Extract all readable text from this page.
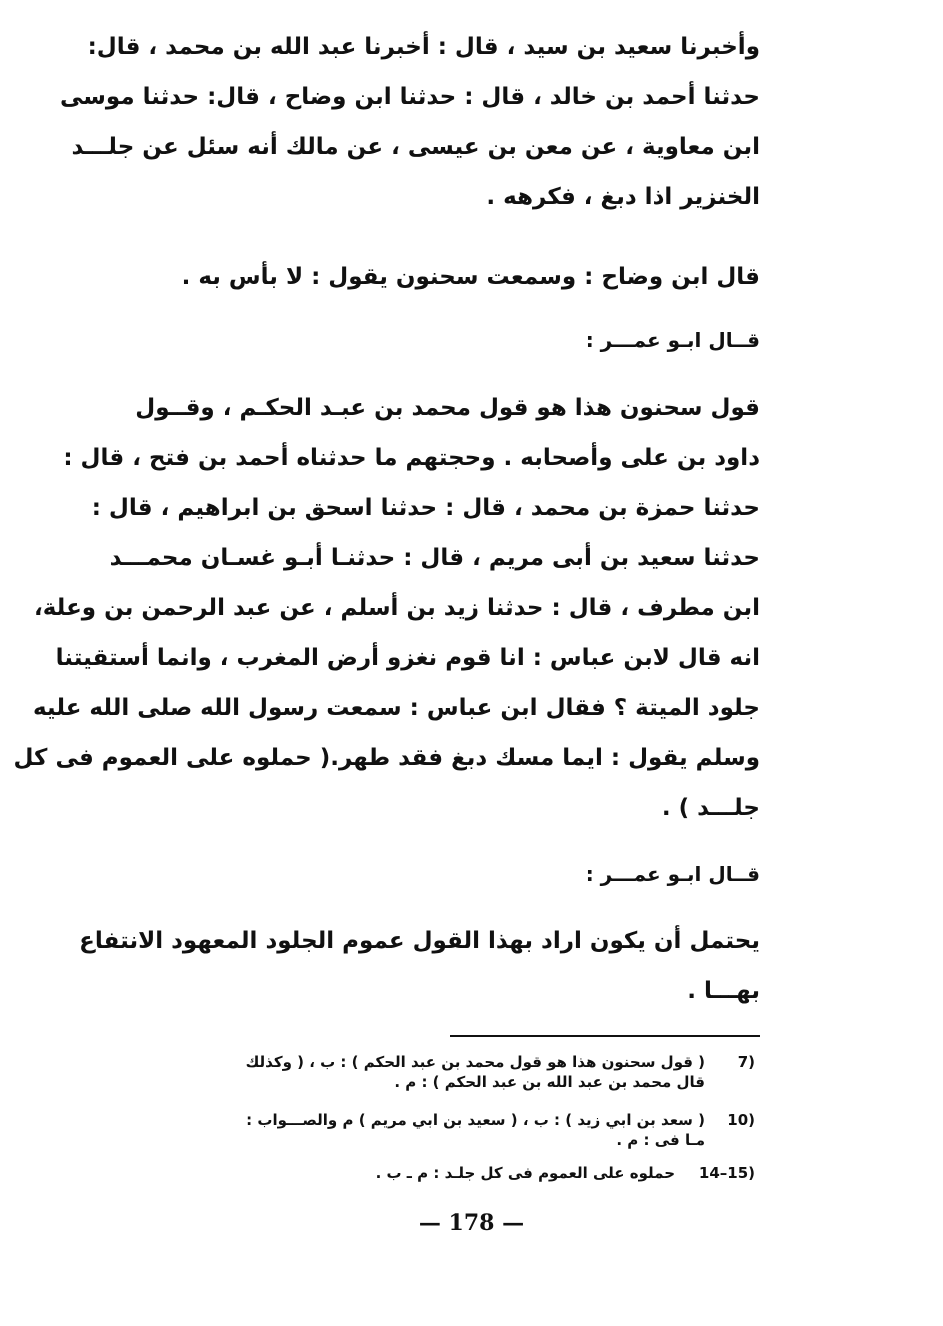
وأخبرنا سعيد بن سيد ، قال : أخبرنا عبد الله بن محمد ، قال:
حدثنا أحمد بن خالد ، قال : حدثنا ابن وضاح ، قال: حدثنا موسى
ابن معاوية ، عن معن بن عيسى ، عن مالك أنه سئل عن جلـــد
الخنزير اذا دبغ ، فكرهه .

قال ابن وضاح : وسمعت سحنون يقول : لا بأس به .

قــال ابـو عمـــر :

قول سحنون هذا هو قول محمد بن عبـد الحكـم ، وقــول
داود بن على وأصحابه . وحجتهم ما حدثناه أحمد بن فتح ، قال :
حدثنا حمزة بن محمد ، قال : حدثنا اسحق بن ابراهيم ، قال :
حدثنا سعيد بن أبى مريم ، قال : حدثنـا أبـو غسـان محمـــد
ابن مطرف ، قال : حدثنا زيد بن أسلم ، عن عبد الرحمن بن وعلة،
انه قال لابن عباس : انا قوم نغزو أرض المغرب ، وانما أستقيتنا
جلود الميتة ؟ فقال ابن عباس : سمعت رسول الله صلى الله عليه
وسلم يقول : ايما مسك دبغ فقد طهر.( حملوه على العموم فى كل
جلـــد ) .

قــال ابـو عمـــر :

يحتمل أن يكون اراد بهذا القول عموم الجلود المعهود الانتفاع
بهـــا .

7)
( قول سحنون هذا هو قول محمد بن عبد الحكم ) : ب ، ( وكذلك
قال محمد بن عبد الله بن عبد الحكم ) : م .
10)
( سعد بن ابي زيد ) : ب ، ( سعيد بن ابي مريم ) م والصـــواب :
مـا فى : م .
14–15)
حملوه على العموم فى كل جلـد : م ـ ب .
— 178 —
